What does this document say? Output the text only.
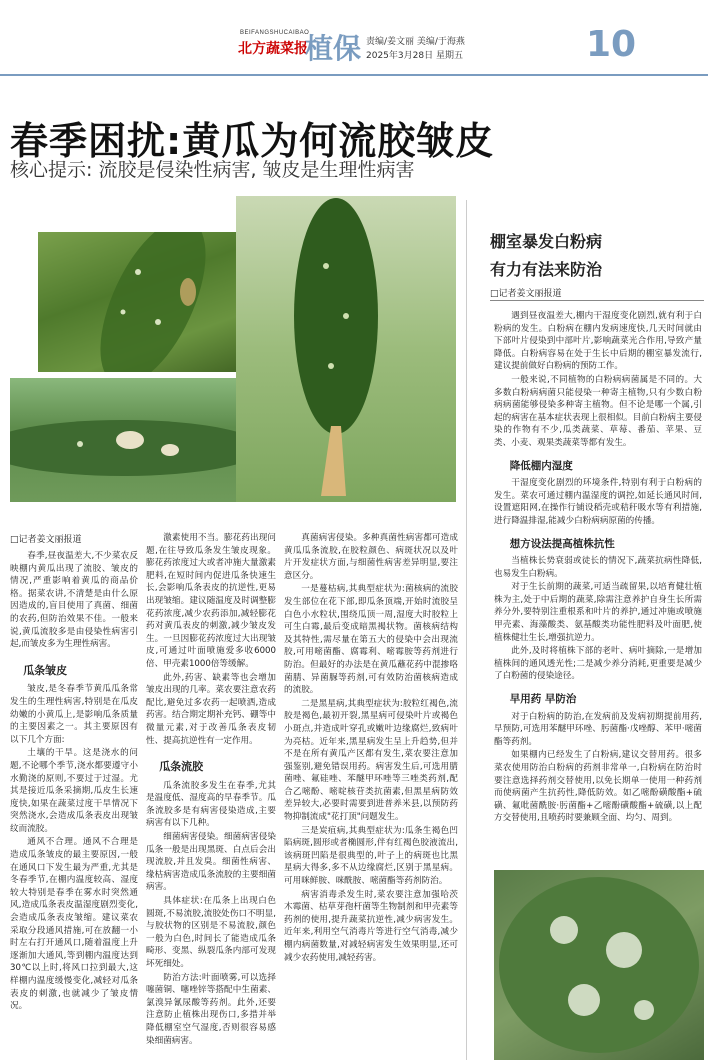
BEIFANGSHUCAIBAO
北方蔬菜报
植保 责编/姜文丽 美编/于海燕
2025年3月28日 星期五	10
春季困扰:黄瓜为何流胶皱皮
核心提示: 流胶是侵染性病害, 皱皮是生理性病害
□记者姜文丽报道

春季,昼夜温差大,不少菜农反映棚内黄瓜出现了流胶、皱皮的情况,严重影响着黄瓜的商品价格。据菜农讲,不清楚是由什么原因造成的,盲目使用了真菌、细菌的农药,但防治效果不佳。一般来说,黄瓜流胶多是由侵染性病害引起,而皱皮多为生理性病害。

瓜条皱皮

皱皮,是冬春季节黄瓜瓜条常发生的生理性病害,特别是在瓜皮幼嫩的小黄瓜上,是影响瓜条质量的主要因素之一。其主要原因有以下几个方面:

土壤的干旱。这是浇水的问题,不论哪个季节,浇水都要遵守小水勤浇的原则,不要过于过湿。尤其是接近瓜条采摘期,瓜皮生长速度快,如果在蔬菜过度干旱情况下突然浇水,会造成瓜条表皮出现皱纹而流胶。

通风不合理。通风不合理是造成瓜条皱皮的最主要原因,一般在通风口下发生最为严重,尤其是冬春季节,在棚内温度较高、湿度较大特别是春季在雾水时突然通风,造成瓜条表皮温湿度剧烈变化,会造成瓜条表皮皱缩。建议菜农采取分段通风措施,可在放翻一小时左右打开通风口,随着温度上升逐渐加大通风,等到棚内温度达到30℃以上时,将风口拉到最大,这样棚内温度缓慢变化,减轻对瓜条表皮的刺激,也就减少了皱皮情况。

激素使用不当。膨花药出现问题,在往导致瓜条发生皱皮现象。膨花药浓度过大或者冲施大量激素肥料,在短时间内促进瓜条快速生长,会影响瓜条表皮的抗逆性,更易出现皱缩。建议随温度及时调整膨花药浓度,减少农药添加,减轻膨花药对黄瓜表皮的刺激,减少皱皮发生。一旦因膨花药浓度过大出现皱皮,可通过叶面喷施爱多收6000倍、甲壳素1000倍等缓解。

此外,药害、缺素等也会增加皱皮出现的几率。菜农要注意农药配比,避免过多农药一起喷洒,造成药害。结合期定期补充钙、硼等中微量元素,对于改善瓜条表皮韧性、提高抗逆性有一定作用。

瓜条流胶

瓜条流胶多发生在春季,尤其是温度低、湿度高的早春季节。瓜条流胶多是有病害侵染造成,主要病害有以下几种。

细菌病害侵染。细菌病害侵染瓜条一般是出现黑斑、白点后会出现流胶,并且发臭。细菌性病害、缘枯病害造成瓜条流胶的主要细菌病害。

具体症状:在瓜条上出现白色圆斑,不易流胶,流胶处伤口不明显,与胶状物的区别是不易流胶,颜色一般为白色,时间长了能造成瓜条畸形、变黑、纵裂瓜条内部可发现坏死细处。

防治方法:叶面喷雾,可以选择噻菌铜、噻唑锌等搭配中生菌素、氯溴异氰尿酸等药剂。此外,还要注意防止植株出现伤口,多措并举降低棚室空气湿度,否则很容易感染细菌病害。

真菌病害侵染。多种真菌性病害都可造成黄瓜瓜条流胶,在胶粒颜色、病斑状况以及叶片开发症状方面,与细菌性病害差异明显,要注意区分。

一是蔓枯病,其典型症状为:菌核病的流胶发生部位在花下部,即瓜条顶端,开始时流胶呈白色小水粒状,围绕瓜顶一周,湿度大时胶粒上可生白霉,最后变成暗黑褐状物。菌核病结构及其特性,需尽量在第五大的侵染中会出现流胶,可用嘧菌酯、腐霉利、嘧霉胺等药剂进行防治。但最好的办法是在黄瓜蘸花药中混掺咯菌腈、异菌脲等药剂,可有效防治菌核病造成的流胶。

二是黑星病,其典型症状为:胶粒红褐色,流胶是褐色,最初开裂,黑星病可侵染叶片或褐色小斑点,并造成叶穿孔或嫩叶边缘腐烂,致病叶为亮枯。近年来,黑星病发生呈上升趋势,但并不是在所有黄瓜产区都有发生,菜农要注意加强鉴别,避免错误用药。病害发生后,可选用腈菌唑、氟硅唑、苯醚甲环唑等三唑类药剂,配合乙嘧酚、嘧啶核苷类抗菌素,但黑星病防效差异较大,必要时需要到进普养米县,以预防药物抑制流成"花打顶"问题发生。

三是炭疽病,其典型症状为:瓜条生褐色凹陷病斑,圆形或者椭圆形,伴有红褐色胶液流出,该病斑凹陷是很典型的,叶子上的病斑也比黑星病大得多,多不从边缘腐烂,区别于黑星病。可用咪鲜胺、咪酰胺、嘧菌酯等药剂防治。

病害消毒杀发生时,菜农要注意加强哈茨木霉菌、枯草芽孢杆菌等生物制剂和甲壳素等药剂的使用,提升蔬菜抗逆性,减少病害发生。近年来,利用空气消毒片等进行空气消毒,减少棚内病菌数量,对减轻病害发生效果明显,还可减少农药使用,减轻药害。

棚室暴发白粉病
有力有法来防治
□记者姜文丽报道

遇到昼夜温差大,棚内干湿度变化剧烈,就有利于白粉病的发生。白粉病在棚内发病速度快,几天时间就由下部叶片侵染到中部叶片,影响蔬菜光合作用,导致产量降低。白粉病容易在处于生长中后期的棚室暴发流行,建议提前做好白粉病的预防工作。

一般来说,不同植物的白粉病病菌属是不同的。大多数白粉病病菌只能侵染一种寄主植物,只有少数白粉病病菌能够侵染多种寄主植物。但不论是哪一个属,引起的病害在基本症状表现上很相似。目前白粉病主要侵染的作物有不少,瓜类蔬菜、草莓、番茄、苹果、豆类、小麦、观果类蔬菜等都有发生。

降低棚内湿度

干湿度变化剧烈的环境条件,特别有利于白粉病的发生。菜农可通过棚内温湿度的调控,如延长通风时间,设置遮阳网,在操作行铺设稻壳或秸秆吸水等有利措施,进行降温排湿,能减少白粉病病原菌的传播。

想方设法提高植株抗性

当植株长势衰弱或徒长的情况下,蔬菜抗病性降低,也易发生白粉病。

对于生长前期的蔬菜,可适当疏留果,以培育健壮植株为主,处于中后期的蔬菜,除需注意养护自身生长所需养分外,要特别注重根系和叶片的养护,通过冲施或喷施甲壳素、海藻酸类、氨基酸类功能性肥料及叶面肥,使植株健壮生长,增强抗逆力。

此外,及时将植株下部的老叶、病叶摘除,一是增加植株间的通风透光性;二是减少养分消耗,更重要是减少了白粉菌的侵染途径。

早用药 早防治

对于白粉病的防治,在发病前及发病初期提前用药,早预防,可选用苯醚甲环唑、肟菌酯·戊唑醇、苯甲·嘧菌酯等药剂。

如果棚内已经发生了白粉病,建议交替用药。很多菜农使用防治白粉病的药剂非常单一,白粉病在防治时要注意选择药剂交替使用,以免长期单一使用一种药剂而使病菌产生抗药性,降低防效。如乙嘧酚磺酸酯+硫磺、氟吡菌酰胺·肟菌酯+乙嘧酚磺酸酯+硫磺,以上配方交替使用,且喷药时要兼顾全面、均匀、周到。
